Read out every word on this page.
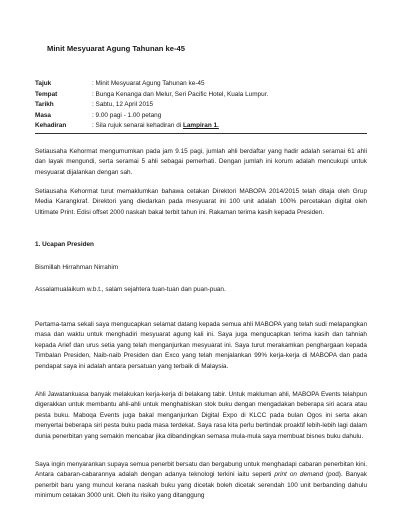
Minit Mesyuarat Agung Tahunan ke-45
Tajuk	: Minit Mesyuarat Agung Tahunan ke-45
Tempat	: Bunga Kenanga dan Melur, Seri Pacific Hotel, Kuala Lumpur.
Tarikh	: Sabtu, 12 April 2015
Masa	: 9.00 pagi - 1.00 petang
Kehadiran	: Sila rujuk senarai kehadiran di Lampiran 1.

Setiausaha Kehormat mengumumkan pada jam 9.15 pagi, jumlah ahli berdaftar yang hadir adalah seramai 61 ahli dan layak mengundi, serta seramai 5 ahli sebagai pemerhati. Dengan jumlah ini korum adalah mencukupi untuk mesyuarat dijalankan dengan sah.

Setiausaha Kehormat turut memaklumkan bahawa cetakan Direktori MABOPA 2014/2015 telah ditaja oleh Grup Media Karangkraf. Direktori yang diedarkan pada mesyuarat ini 100 unit adalah 100% percetakan digital oleh Ultimate Print. Edisi offset 2000 naskah bakal terbit tahun ini. Rakaman terima kasih kepada Presiden.

1. Ucapan Presiden

Bismillah Hirrahman Nirrahim

Assalamualaikum w.b.t., salam sejahtera tuan-tuan dan puan-puan.

Pertama-tama sekali saya mengucapkan selamat datang kepada semua ahli MABOPA yang telah sudi melapangkan masa dan waktu untuk menghadiri mesyuarat agung kali ini. Saya juga mengucapkan terima kasih dan tahniah kepada Arief dan urus setia yang telah menganjurkan mesyuarat ini. Saya turut merakamkan penghargaan kepada Timbalan Presiden, Naib-naib Presiden dan Exco yang telah menjalankan 99% kerja-kerja di MABOPA dan pada pendapat saya ini adalah antara persatuan yang terbaik di Malaysia.

Ahli Jawatankuasa banyak melakukan kerja-kerja di belakang tabir. Untuk makluman ahli, MABOPA Events telahpun digerakkan untuk membantu ahli-ahli untuk menghabiskan stok buku dengan mengadakan beberapa siri acara atau pesta buku. Maboqa Events juga bakal menganjurkan Digital Expo di KLCC pada bulan Ogos ini serta akan menyertai beberapa siri pesta buku pada masa terdekat. Saya rasa kita perlu bertindak proaktif lebih-lebih lagi dalam dunia penerbitan yang semakin mencabar jika dibandingkan semasa mula-mula saya membuat bisnes buku dahulu.

Saya ingin menyarankan supaya semua penerbit bersatu dan bergabung untuk menghadapi cabaran penerbitan kini. Antara cabaran-cabarannya adalah dengan adanya teknologi terkini iaitu seperti print on demand (pod). Banyak penerbit baru yang muncul kerana naskah buku yang dicetak boleh dicetak serendah 100 unit berbanding dahulu minimum cetakan 3000 unit. Oleh itu risiko yang ditanggung
